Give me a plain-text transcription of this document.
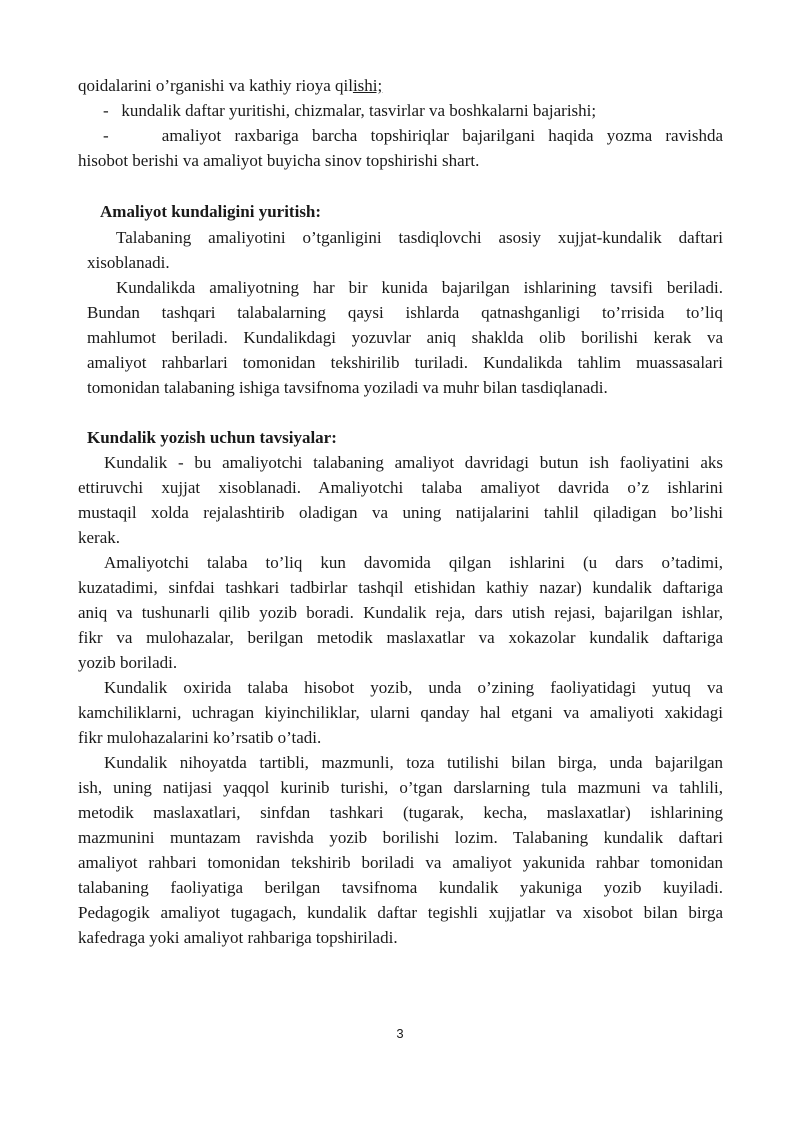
qoidalarini o’rganishi va kathiy rioya qilishi;

-   kundalik daftar yuritishi, chizmalar, tasvirlar va boshkalarni bajarishi;

-    amaliyot raxbariga barcha topshiriqlar bajarilgani haqida yozma ravishda

hisobot berishi va amaliyot buyicha sinov topshirishi shart.

Amaliyot kundaligini yuritish:

Talabaning amaliyotini o’tganligini tasdiqlovchi asosiy xujjat-kundalik daftari

xisoblanadi.

Kundalikda amaliyotning har bir kunida bajarilgan ishlarining tavsifi beriladi.

Bundan tashqari talabalarning qaysi ishlarda qatnashganligi to’rrisida to’liq

mahlumot beriladi. Kundalikdagi yozuvlar aniq shaklda olib borilishi kerak va

amaliyot rahbarlari tomonidan tekshirilib turiladi. Kundalikda tahlim muassasalari

tomonidan talabaning ishiga tavsifnoma yoziladi va muhr bilan tasdiqlanadi.

Kundalik yozish uchun tavsiyalar:

Kundalik - bu amaliyotchi talabaning amaliyot davridagi butun ish faoliyatini aks

ettiruvchi xujjat xisoblanadi. Amaliyotchi talaba amaliyot davrida o’z ishlarini

mustaqil xolda rejalashtirib oladigan va uning natijalarini tahlil qiladigan bo’lishi

kerak.

Amaliyotchi talaba to’liq kun davomida qilgan ishlarini (u dars o’tadimi,

kuzatadimi, sinfdai tashkari tadbirlar tashqil etishidan kathiy nazar) kundalik daftariga

aniq va tushunarli qilib yozib boradi. Kundalik reja, dars utish rejasi, bajarilgan ishlar,

fikr va mulohazalar, berilgan metodik maslaxatlar va xokazolar kundalik daftariga

yozib boriladi.

Kundalik oxirida talaba hisobot yozib, unda o’zining faoliyatidagi yutuq va

kamchiliklarni, uchragan kiyinchiliklar, ularni qanday hal etgani va amaliyoti xakidagi

fikr mulohazalarini ko’rsatib o’tadi.

Kundalik nihoyatda tartibli, mazmunli, toza tutilishi bilan birga, unda bajarilgan

ish, uning natijasi yaqqol kurinib turishi, o’tgan darslarning tula mazmuni va tahlili,

metodik maslaxatlari, sinfdan tashkari (tugarak, kecha, maslaxatlar) ishlarining

mazmunini muntazam ravishda yozib borilishi lozim. Talabaning kundalik daftari

amaliyot rahbari tomonidan tekshirib boriladi va amaliyot yakunida rahbar tomonidan

talabaning faoliyatiga berilgan tavsifnoma kundalik yakuniga yozib kuyiladi.

Pedagogik amaliyot tugagach, kundalik daftar tegishli xujjatlar va xisobot bilan birga

kafedraga yoki amaliyot rahbariga topshiriladi.

3
